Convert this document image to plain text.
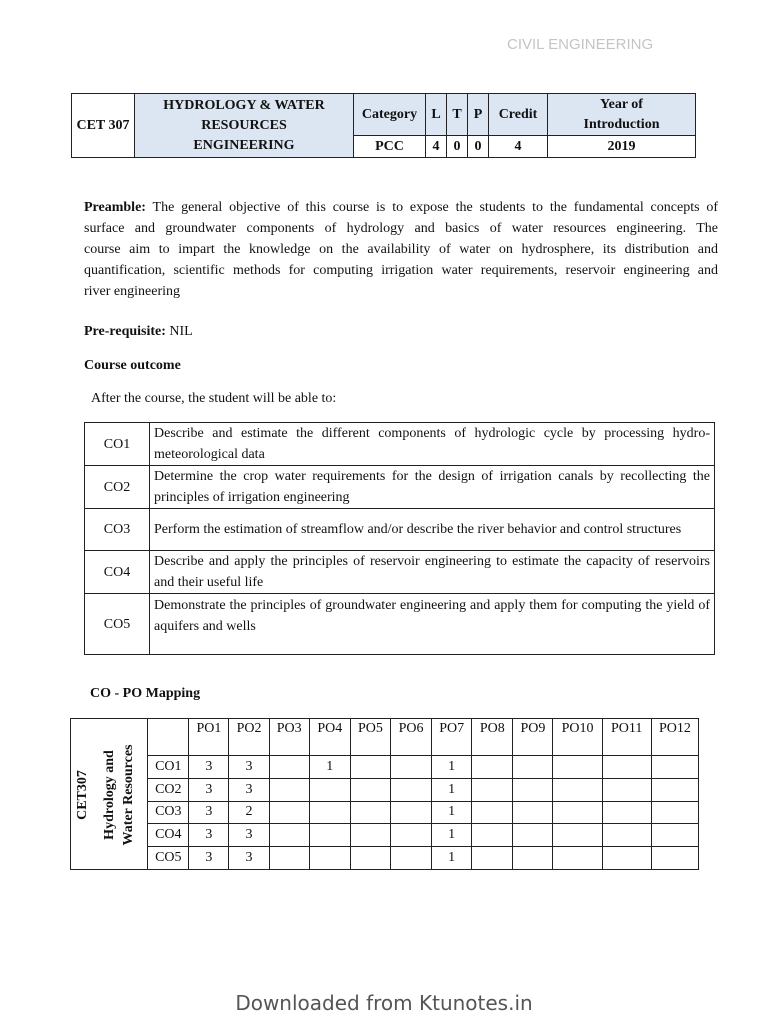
CIVIL ENGINEERING
CET 307	HYDROLOGY & WATER
RESOURCES
ENGINEERING	Category	L	T	P	Credit	Year of Introduction
		PCC	4	0	0	4	2019
Preamble: The general objective of this course is to expose the students to the fundamental concepts of
surface and groundwater components of hydrology and basics of water resources engineering. The
course aim to impart the knowledge on the availability of water on hydrosphere, its distribution and
quantification, scientific methods for computing irrigation water requirements, reservoir engineering and
river engineering
Pre-requisite: NIL
Course outcome
After the course, the student will be able to:
CO1	Describe and estimate the different components of hydrologic cycle by processing hydro-meteorological data
CO2	Determine the crop water requirements for the design of irrigation canals by recollecting the principles of irrigation engineering
CO3	Perform the estimation of streamflow and/or describe the river behavior and control structures
CO4	Describe and apply the principles of reservoir engineering to estimate the capacity of reservoirs and their useful life
CO5	Demonstrate the principles of groundwater engineering and apply them for computing the yield of aquifers and wells
CO - PO Mapping
CET307 Hydrology and Water Resources		PO1	PO2	PO3	PO4	PO5	PO6	PO7	PO8	PO9	PO10	PO11	PO12
	CO1	3	3		1			1					
	CO2	3	3					1					
	CO3	3	2					1					
	CO4	3	3					1					
	CO5	3	3					1					
Downloaded from Ktunotes.in
